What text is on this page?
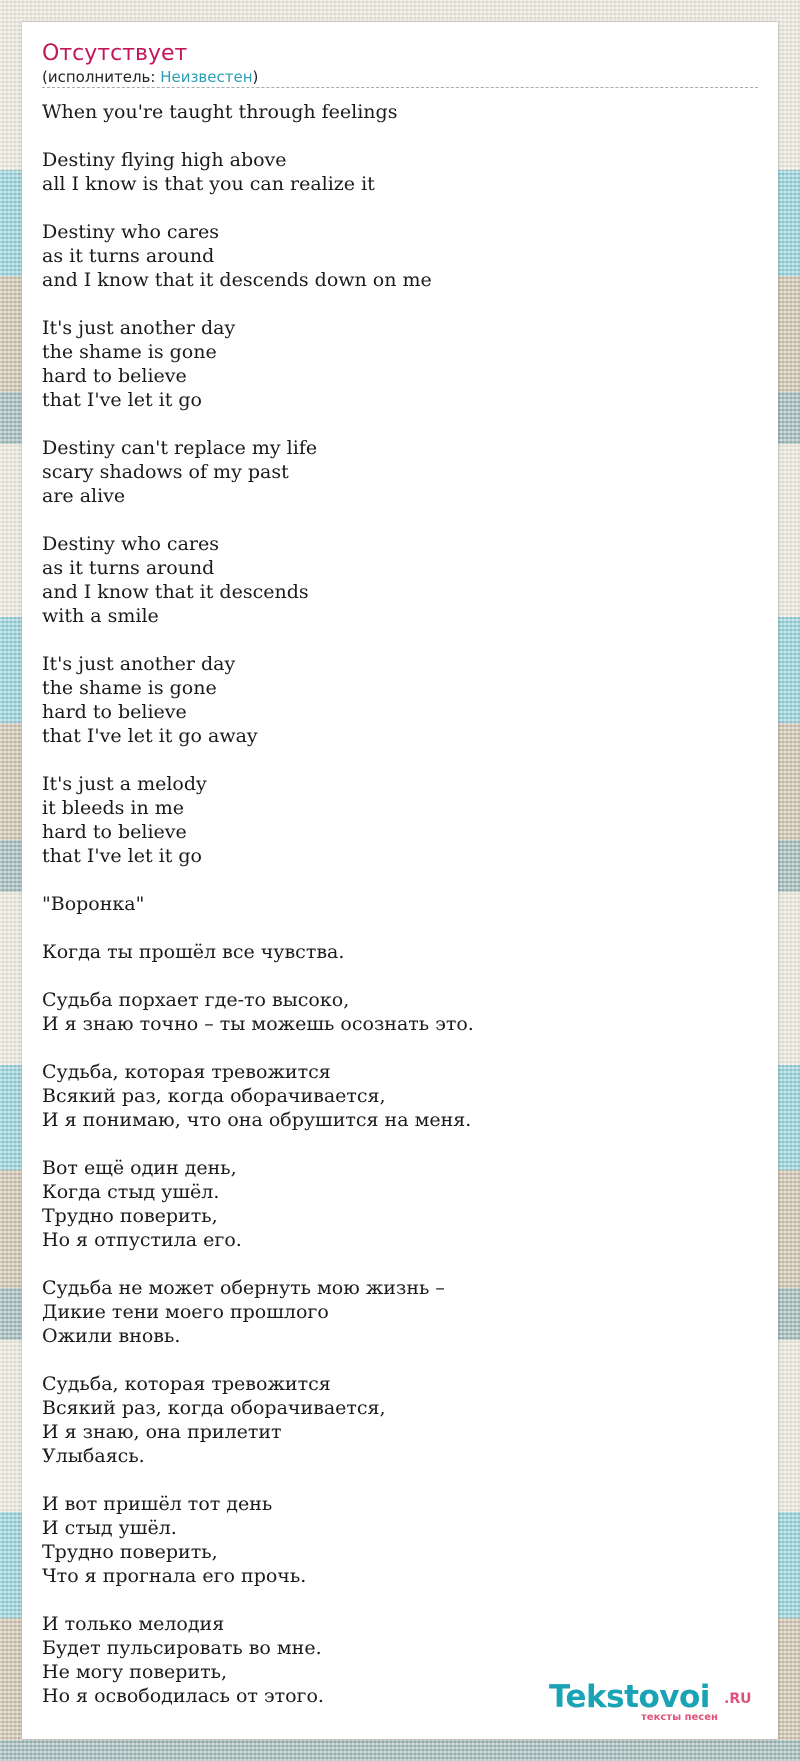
Отсутствует
(исполнитель: Неизвестен)
When you're taught through feelings
Destiny flying high above
all I know is that you can realize it
Destiny who cares
as it turns around
and I know that it descends down on me
It's just another day
the shame is gone
hard to believe
that I've let it go
Destiny can't replace my life
scary shadows of my past
are alive
Destiny who cares
as it turns around
and I know that it descends
with a smile
It's just another day
the shame is gone
hard to believe
that I've let it go away
It's just a melody
it bleeds in me
hard to believe
that I've let it go
"Воронка"
Когда ты прошёл все чувства.
Судьба порхает где-то высоко,
И я знаю точно – ты можешь осознать это.
Судьба, которая тревожится
Всякий раз, когда оборачивается,
И я понимаю, что она обрушится на меня.
Вот ещё один день,
Когда стыд ушёл.
Трудно поверить,
Но я отпустила его.
Судьба не может обернуть мою жизнь –
Дикие тени моего прошлого
Ожили вновь.
Судьба, которая тревожится
Всякий раз, когда оборачивается,
И я знаю, она прилетит
Улыбаясь.
И вот пришёл тот день
И стыд ушёл.
Трудно поверить,
Что я прогнала его прочь.
И только мелодия
Будет пульсировать во мне.
Не могу поверить,
Но я освободилась от этого.	Tekstovoi .RU
тексты песен
